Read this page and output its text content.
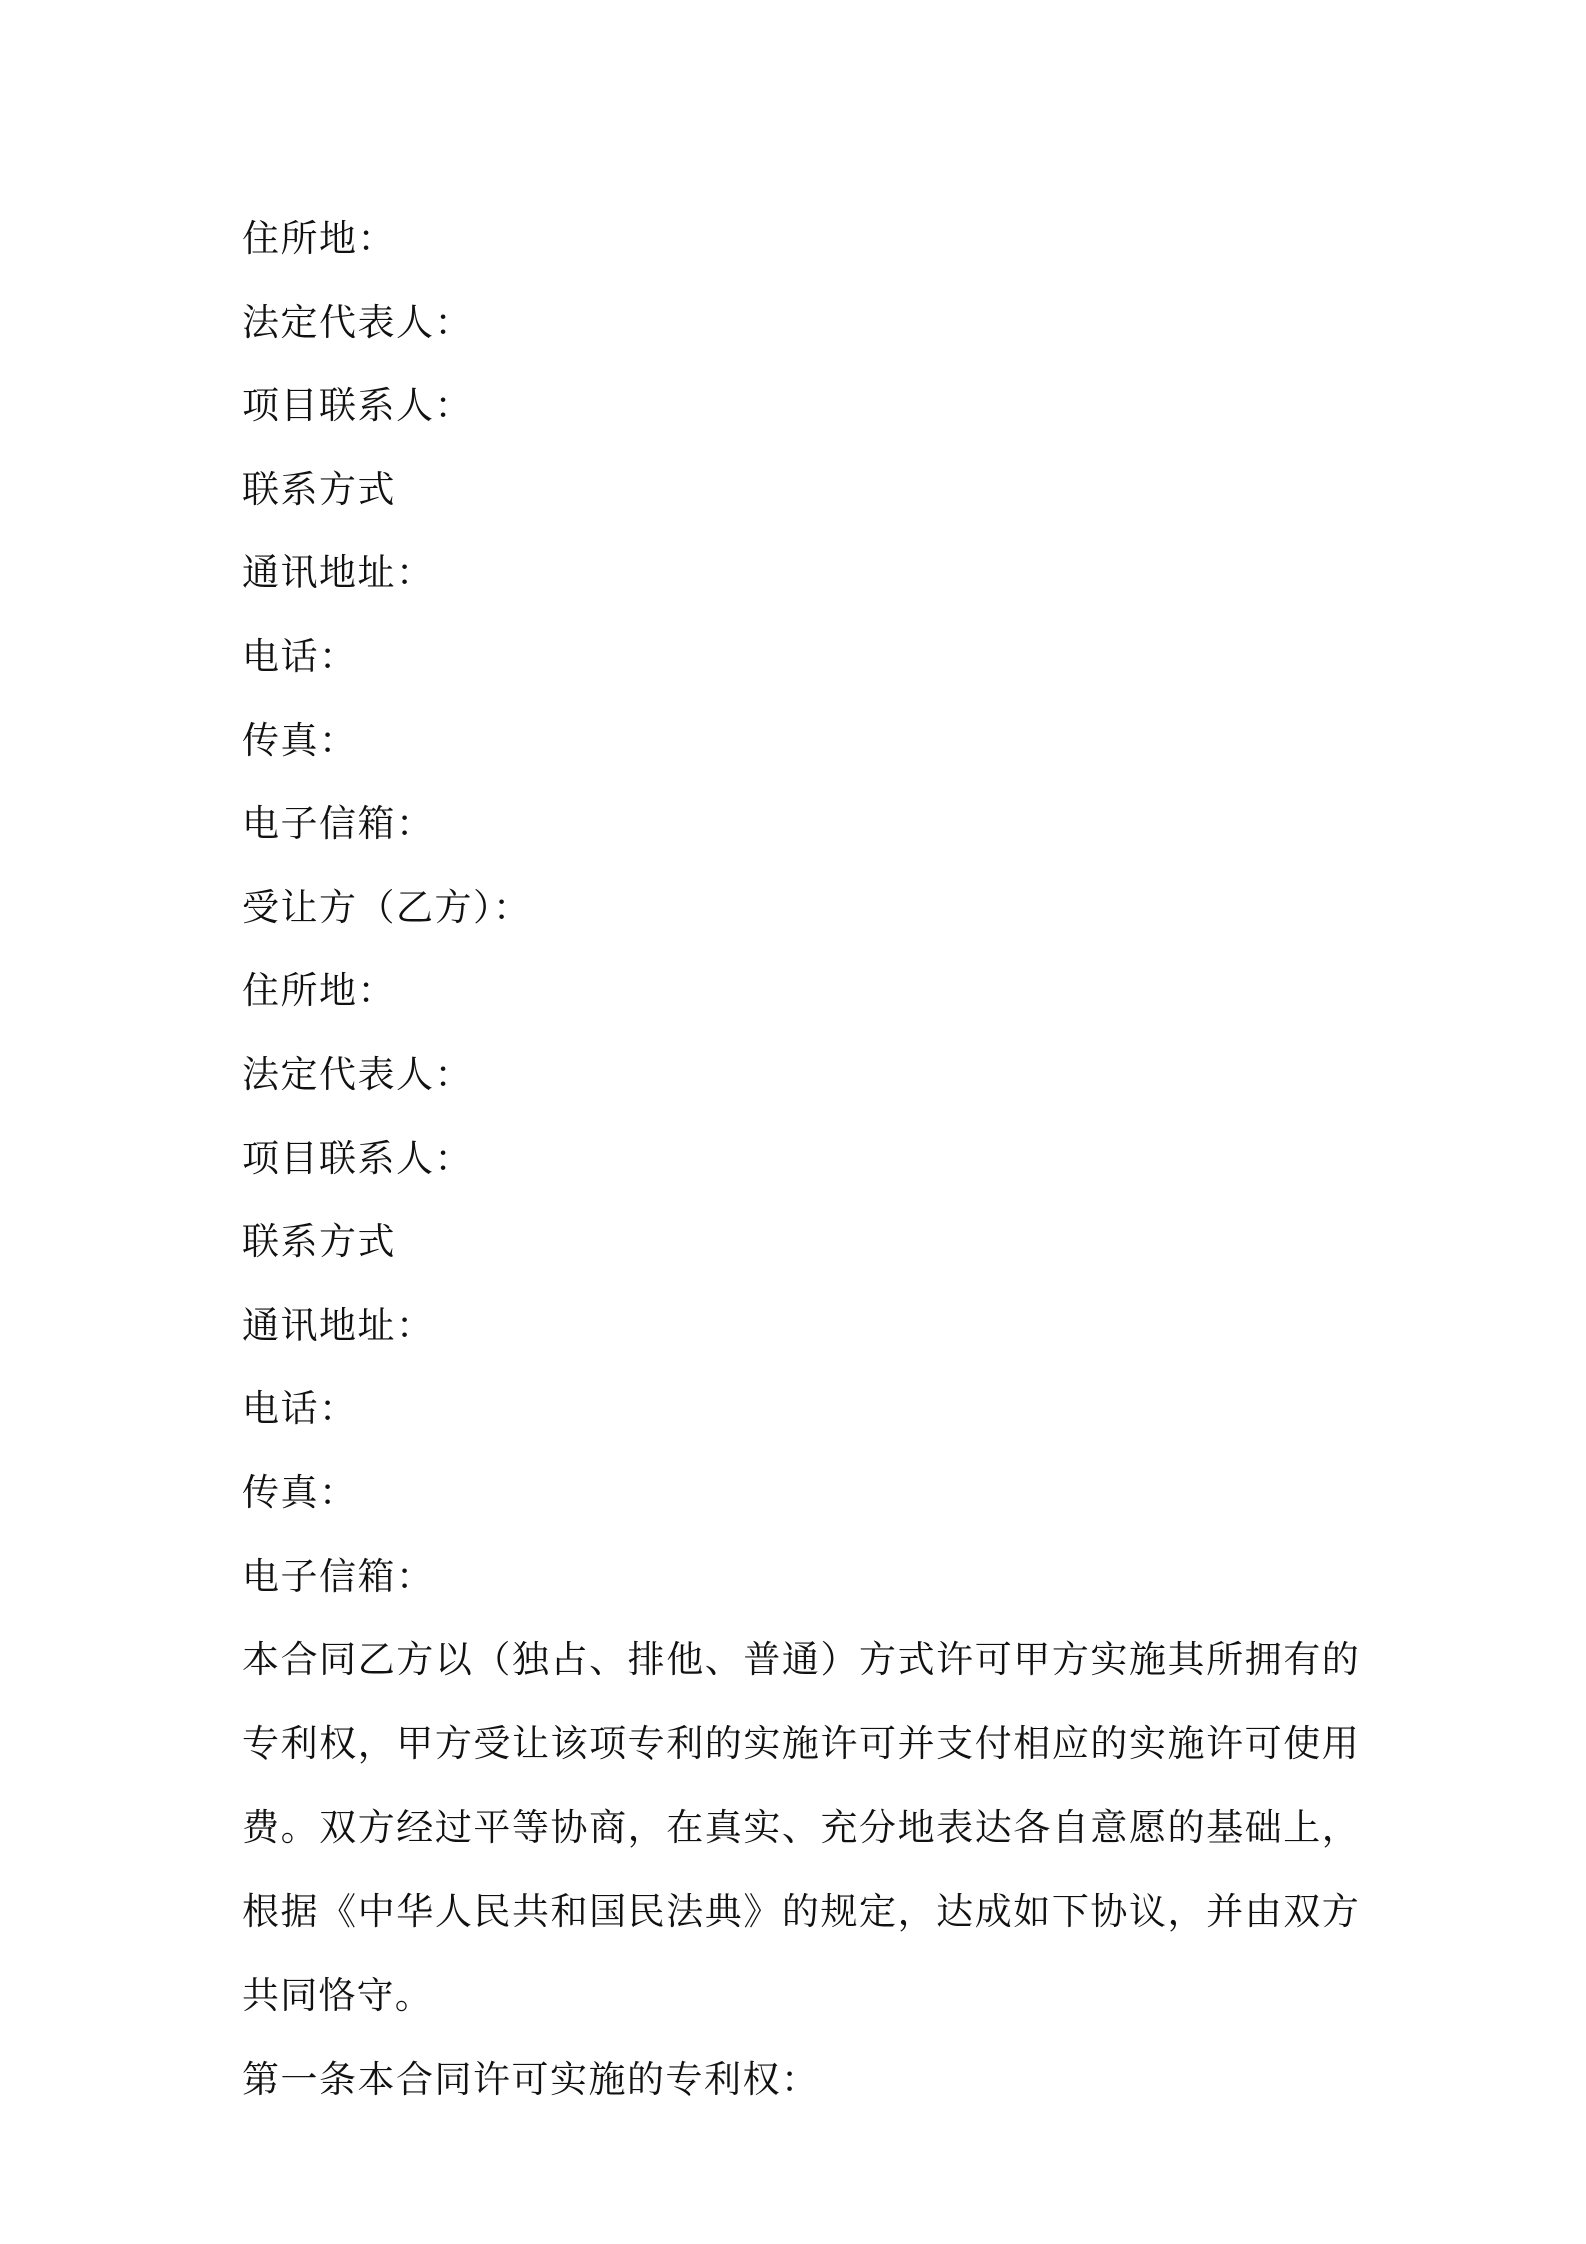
住所地：
法定代表人：
项目联系人：
联系方式
通讯地址：
电话：
传真：
电子信箱：
受让方（乙方）：
住所地：
法定代表人：
项目联系人：
联系方式
通讯地址：
电话：
传真：
电子信箱：
本合同乙方以（独占、排他、普通）方式许可甲方实施其所拥有的专利权，甲方受让该项专利的实施许可并支付相应的实施许可使用费。双方经过平等协商，在真实、充分地表达各自意愿的基础上，根据《中华人民共和国民法典》的规定，达成如下协议，并由双方共同恪守。
第一条本合同许可实施的专利权：
